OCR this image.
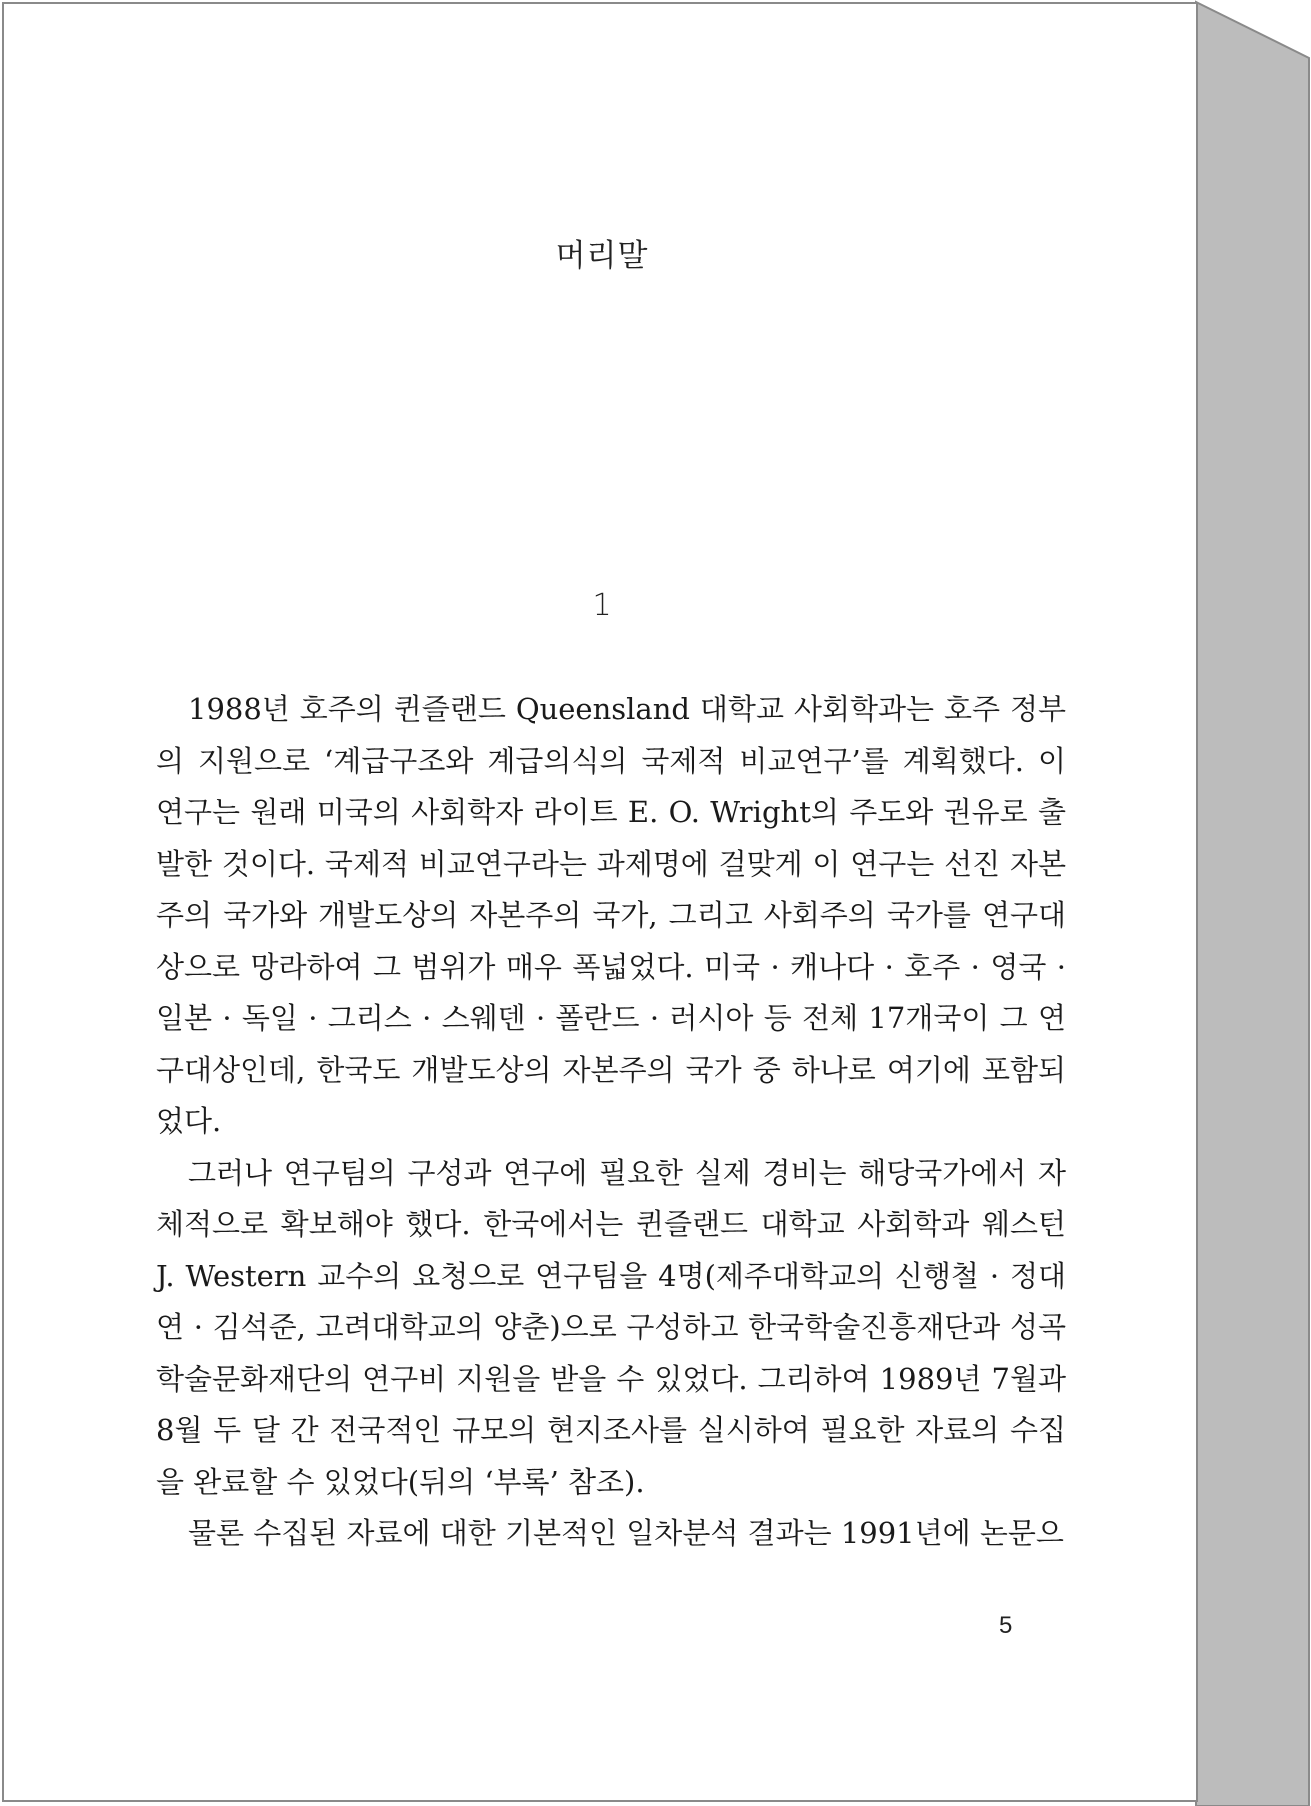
머리말
1

1988년 호주의 퀸즐랜드 Queensland 대학교 사회학과는 호주 정부의 지원으로 ‘계급구조와 계급의식의 국제적 비교연구’를 계획했다. 이 연구는 원래 미국의 사회학자 라이트 E. O. Wright의 주도와 권유로 출발한 것이다. 국제적 비교연구라는 과제명에 걸맞게 이 연구는 선진 자본주의 국가와 개발도상의 자본주의 국가, 그리고 사회주의 국가를 연구대상으로 망라하여 그 범위가 매우 폭넓었다. 미국 · 캐나다 · 호주 · 영국 · 일본 · 독일 · 그리스 · 스웨덴 · 폴란드 · 러시아 등 전체 17개국이 그 연구대상인데, 한국도 개발도상의 자본주의 국가 중 하나로 여기에 포함되었다.

그러나 연구팀의 구성과 연구에 필요한 실제 경비는 해당국가에서 자체적으로 확보해야 했다. 한국에서는 퀸즐랜드 대학교 사회학과 웨스턴 J. Western 교수의 요청으로 연구팀을 4명(제주대학교의 신행철 · 정대연 · 김석준, 고려대학교의 양춘)으로 구성하고 한국학술진흥재단과 성곡학술문화재단의 연구비 지원을 받을 수 있었다. 그리하여 1989년 7월과 8월 두 달 간 전국적인 규모의 현지조사를 실시하여 필요한 자료의 수집을 완료할 수 있었다(뒤의 ‘부록’ 참조).

물론 수집된 자료에 대한 기본적인 일차분석 결과는 1991년에 논문으

5
